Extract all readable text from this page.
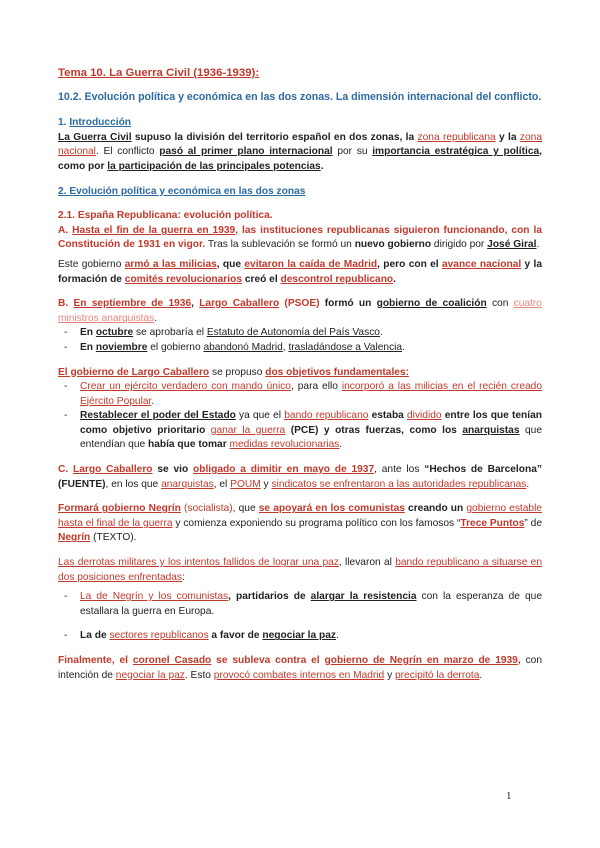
Tema 10. La Guerra Civil (1936-1939):

10.2. Evolución política y económica en las dos zonas. La dimensión internacional del conflicto.

1. Introducción

La Guerra Civil supuso la división del territorio español en dos zonas, la zona republicana y la zona nacional. El conflicto pasó al primer plano internacional por su importancia estratégica y política, como por la participación de las principales potencias.

2. Evolución política y económica en las dos zonas

2.1. España Republicana: evolución política.

A. Hasta el fin de la guerra en 1939, las instituciones republicanas siguieron funcionando, con la Constitución de 1931 en vigor. Tras la sublevación se formó un nuevo gobierno dirigido por José Giral.

Este gobierno armó a las milicias, que evitaron la caída de Madrid, pero con el avance nacional y la formación de comités revolucionarios creó el descontrol republicano.

B. En septiembre de 1936, Largo Caballero (PSOE) formó un gobierno de coalición con cuatro ministros anarquistas.

- En octubre se aprobaría el Estatuto de Autonomía del País Vasco.
- En noviembre el gobierno abandonó Madrid, trasladándose a Valencia.

El gobierno de Largo Caballero se propuso dos objetivos fundamentales:

- Crear un ejército verdadero con mando único, para ello incorporó a las milicias en el recién creado Ejército Popular.
- Restablecer el poder del Estado ya que el bando republicano estaba dividido entre los que tenían como objetivo prioritario ganar la guerra (PCE) y otras fuerzas, como los anarquistas que entendían que había que tomar medidas revolucionarias.

C. Largo Caballero se vio obligado a dimitir en mayo de 1937, ante los “Hechos de Barcelona” (FUENTE), en los que anarquistas, el POUM y sindicatos se enfrentaron a las autoridades republicanas.

Formará gobierno Negrín (socialista), que se apoyará en los comunistas creando un gobierno estable hasta el final de la guerra y comienza exponiendo su programa político con los famosos “Trece Puntos” de Negrín (TEXTO).

Las derrotas militares y los intentos fallidos de lograr una paz, llevaron al bando republicano a situarse en dos posiciones enfrentadas:

- La de Negrín y los comunistas, partidarios de alargar la resistencia con la esperanza de que estallara la guerra en Europa.
- La de sectores republicanos a favor de negociar la paz.

Finalmente, el coronel Casado se subleva contra el gobierno de Negrín en marzo de 1939, con intención de negociar la paz. Esto provocó combates internos en Madrid y precipitó la derrota.

1
